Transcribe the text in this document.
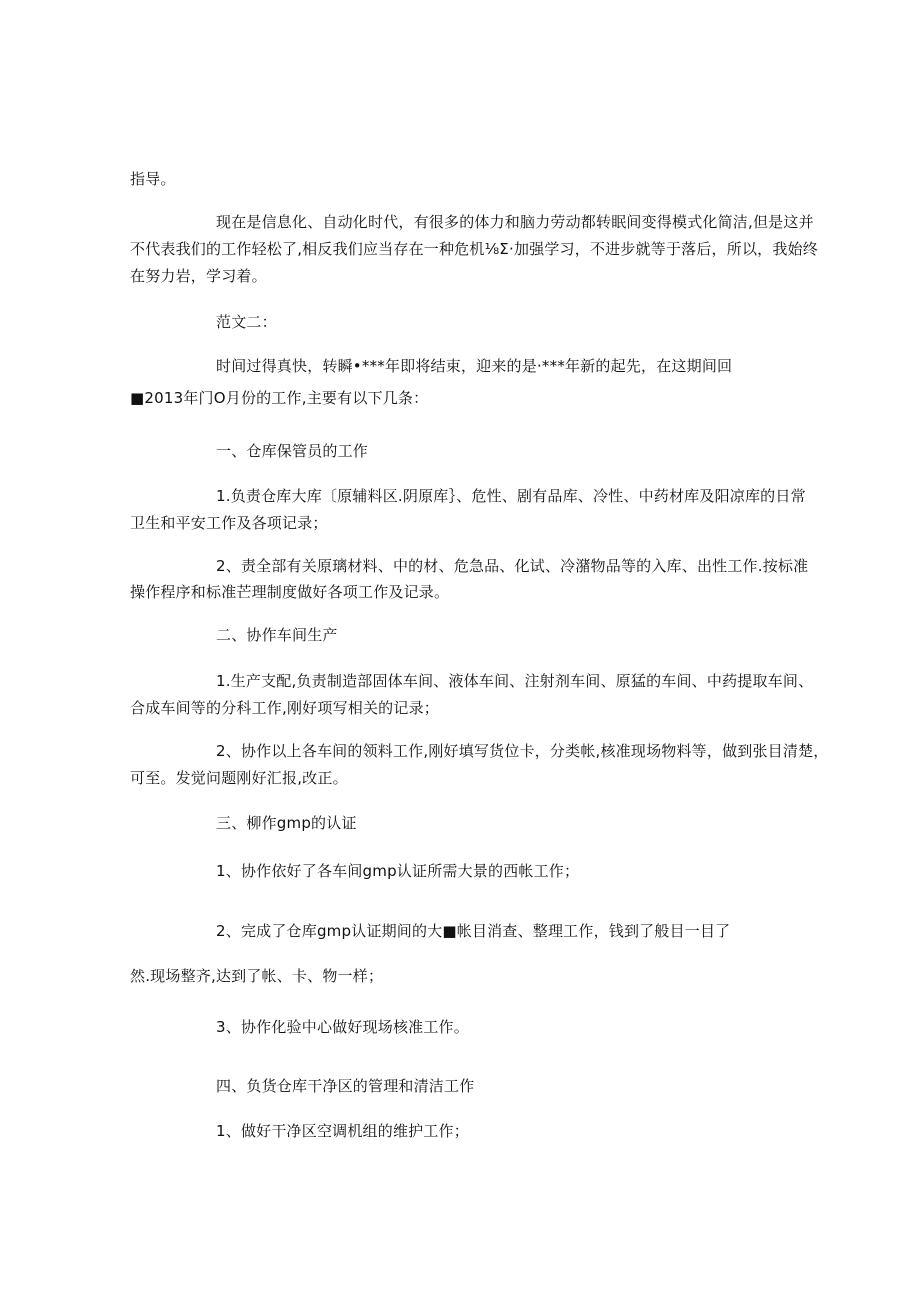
指导。
现在是信息化、自动化时代，有很多的体力和脑力劳动都转眠间变得模式化简洁,但是这并
不代表我们的工作轻松了,相反我们应当存在一种危机⅛Σ·加强学习，不进步就等于落后，所以，我始终
在努力岩，学习着。
范文二：
时间过得真快，转瞬•***年即将结束，迎来的是·***年新的起先，在这期间回
■2013年门O月份的工作,主要有以下几条：
一、仓库保管员的工作
1.负责仓库大库〔原辅料区.阴原库｝、危性、剧有品库、冷性、中药材库及阳凉库的日常
卫生和平安工作及各项记录；
2、责全部有关原璃材料、中的材、危急品、化试、冷潴物品等的入库、出性工作.按标准
操作程序和标准芒理制度做好各项工作及记录。
二、协作车间生产
1.生产支配,负责制造部固体车间、液体车间、注射剂车间、原猛的车间、中药提取车间、
合成车间等的分科工作,刚好项写相关的记录；
2、协作以上各车间的领料工作,刚好填写货位卡，分类帐,核准现场物料等，做到张目清楚，
可至。发觉问题刚好汇报,改正。
三、柳作gmp的认证
1、协作依好了各车间gmp认证所需大景的西帐工作；
2、完成了仓库gmp认证期间的大■帐目消查、整理工作，钱到了般目一目了
然.现场整齐,达到了帐、卡、物一样；
3、协作化验中心做好现场核准工作。
四、负货仓库干净区的管理和清洁工作
1、做好干净区空调机组的维护工作；
